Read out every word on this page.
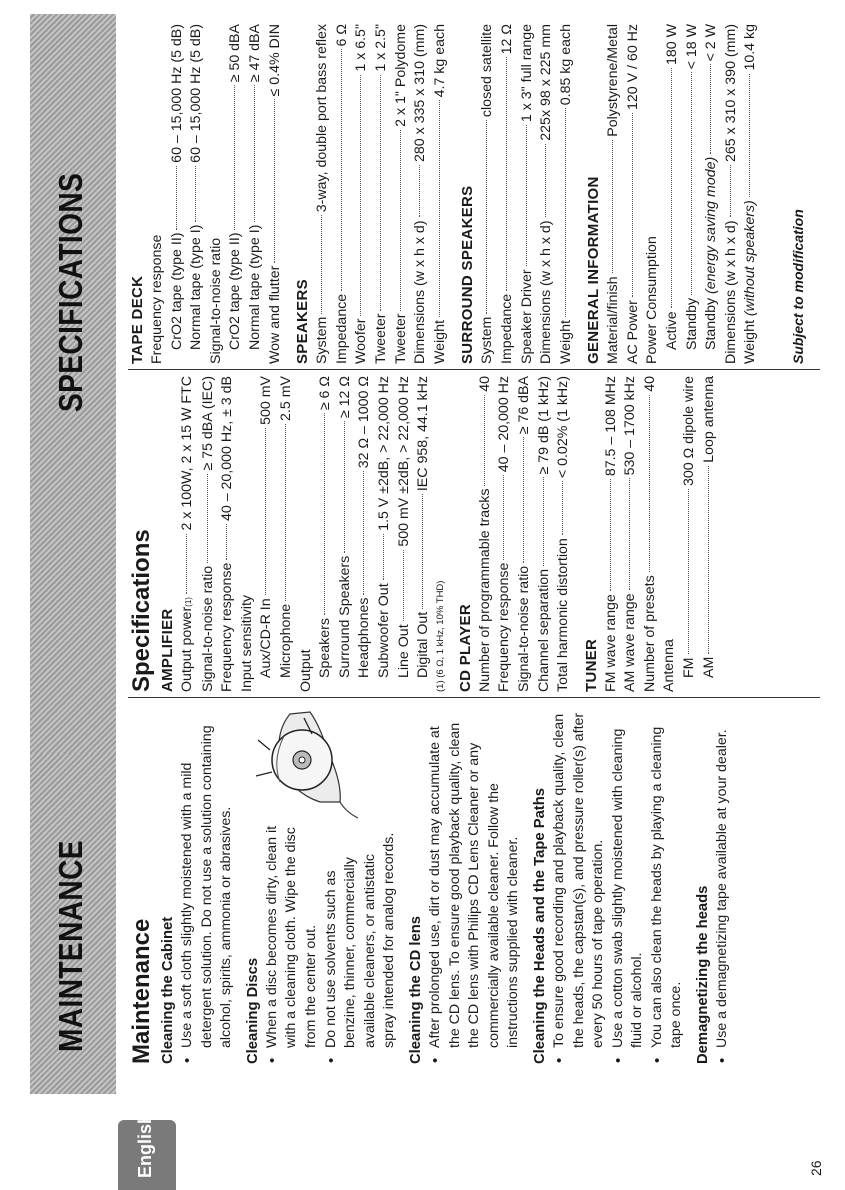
MAINTENANCE
SPECIFICATIONS
English	26
Maintenance Cleaning the Cabinet • Use a soft cloth slightly moistened with a mild detergent solution. Do not use a solution containing alcohol, spirits, ammonia or abrasives. Cleaning Discs • When a disc becomes dirty, clean it with a cleaning cloth. Wipe the disc from the center out. • Do not use solvents such as benzine, thinner, commercially available cleaners, or antistatic spray intended for analog records. Cleaning the CD lens • After prolonged use, dirt or dust may accumulate at the CD lens. To ensure good playback quality, clean the CD lens with Philips CD Lens Cleaner or any commercially available cleaner. Follow the instructions supplied with cleaner. Cleaning the Heads and the Tape Paths • To ensure good recording and playback quality, clean the heads, the capstan(s), and pressure roller(s) after every 50 hours of tape operation. • Use a cotton swab slightly moistened with cleaning fluid or alcohol. • You can also clean the heads by playing a cleaning tape once. Demagnetizing the heads • Use a demagnetizing tape available at your dealer.
Specifications AMPLIFIER Output power
(1)
2 x 100W, 2 x 15 W FTC
Signal-to-noise ratio
≥ 75 dBA (IEC)
Frequency response
40 – 20,000 Hz, ± 3 dB
Input sensitivity Aux/CD-R In
500 mV
Microphone
2.5 mV
Output Speakers
≥ 6 Ω
Surround Speakers
≥ 12 Ω
Headphones
32 Ω – 1000 Ω
Subwoofer Out
1.5 V ±2dB, > 22,000 Hz
Line Out
500 mV ±2dB, > 22,000 Hz
Digital Out
IEC 958, 44.1 kHz
(1) (6 Ω, 1 kHz, 10% THD) CD PLAYER Number of programmable tracks
40
Frequency response
40 – 20,000 Hz
Signal-to-noise ratio
≥ 76 dBA
Channel separation
≥ 79 dB (1 kHz)
Total harmonic distortion
< 0.02% (1 kHz)
TUNER FM wave range
87.5 – 108 MHz
AM wave range
530 – 1700 kHz
Number of presets
40
Antenna FM
300 Ω dipole wire
AM
Loop antenna
TAPE DECK Frequency response CrO2 tape (type II)
60 – 15,000 Hz (5 dB)
Normal tape (type I)
60 – 15,000 Hz (5 dB)
Signal-to-noise ratio CrO2 tape (type II)
≥ 50 dBA
Normal tape (type I)
≥ 47 dBA
Wow and flutter
≤ 0.4% DIN
SPEAKERS System
3-way, double port bass reflex
Impedance
6 Ω
Woofer
1 x 6.5"
Tweeter
1 x 2.5"
Tweeter
2 x 1" Polydome
Dimensions (w x h x d)
280 x 335 x 310 (mm)
Weight
4.7 kg each
SURROUND SPEAKERS System
closed satellite
Impedance
12 Ω
Speaker Driver
1 x 3" full range
Dimensions (w x h x d)
225x 98 x 225 mm
Weight
0.85 kg each
GENERAL INFORMATION Material/finish
Polystyrene/Metal
AC Power
120 V / 60 Hz
Power Consumption Active
180 W
Standby
< 18 W
Standby

(energy saving mode)
< 2 W
Dimensions (w x h x d)
265 x 310 x 390 (mm)
Weight

(without speakers)
10.4 kg
Subject to modification
